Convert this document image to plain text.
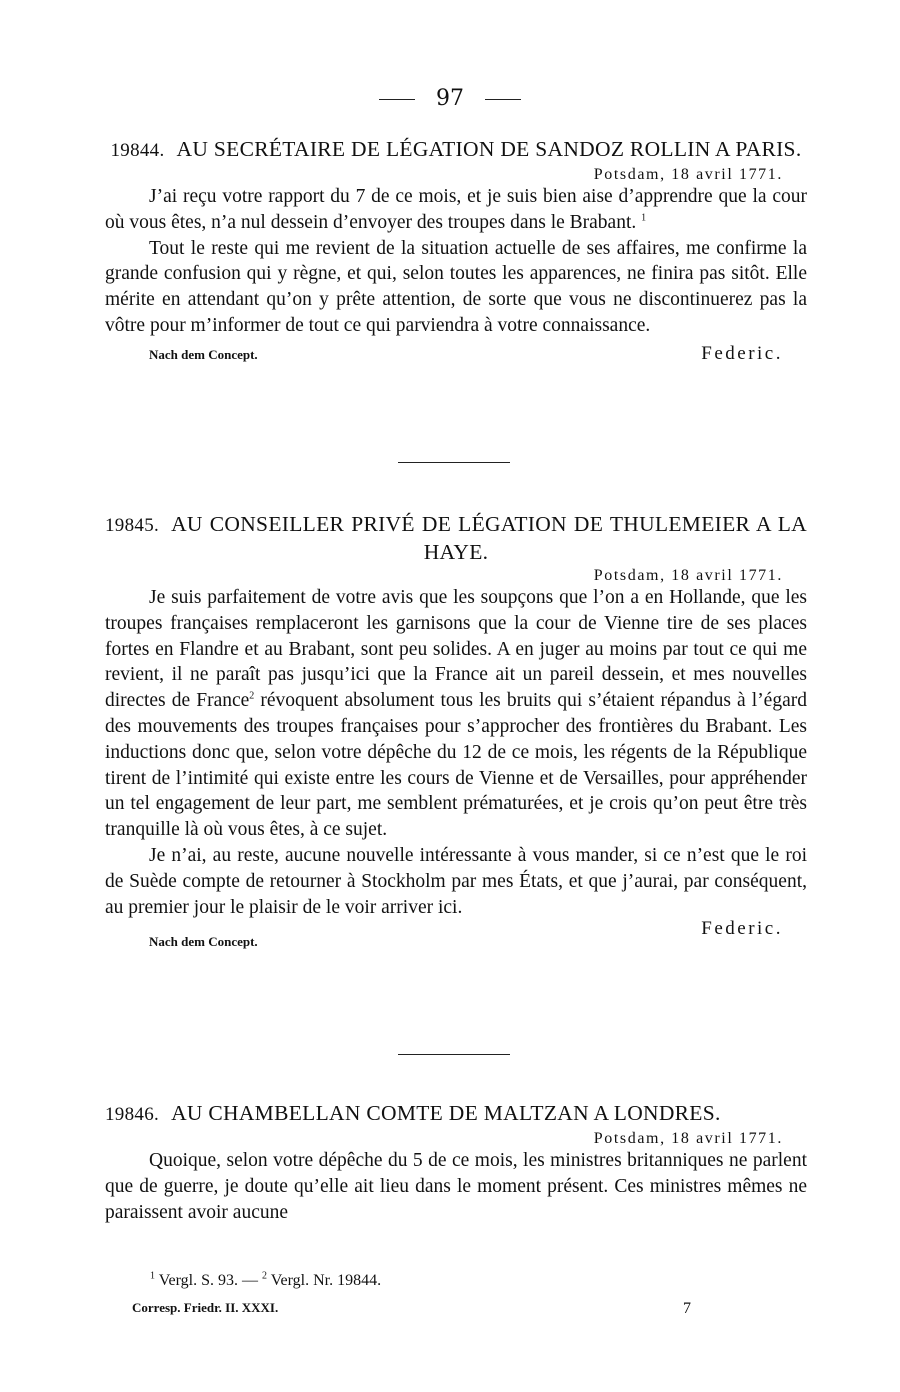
97
19844. AU SECRÉTAIRE DE LÉGATION DE SANDOZ ROLLIN A PARIS.
Potsdam, 18 avril 1771.

J’ai reçu votre rapport du 7 de ce mois, et je suis bien aise d’apprendre que la cour où vous êtes, n’a nul dessein d’envoyer des troupes dans le Brabant. $^1$

Tout le reste qui me revient de la situation actuelle de ses affaires, me confirme la grande confusion qui y règne, et qui, selon toutes les apparences, ne finira pas sitôt. Elle mérite en attendant qu’on y prête attention, de sorte que vous ne discontinuerez pas la vôtre pour m’informer de tout ce qui parviendra à votre connaissance.

Nach dem Concept.	Federic.
19845. AU CONSEILLER PRIVÉ DE LÉGATION DE THULEMEIER A LA HAYE.
Potsdam, 18 avril 1771.

Je suis parfaitement de votre avis que les soupçons que l’on a en Hollande, que les troupes françaises remplaceront les garnisons que la cour de Vienne tire de ses places fortes en Flandre et au Brabant, sont peu solides. A en juger au moins par tout ce qui me revient, il ne paraît pas jusqu’ici que la France ait un pareil dessein, et mes nouvelles directes de France$^2$ révoquent absolument tous les bruits qui s’étaient répandus à l’égard des mouvements des troupes françaises pour s’approcher des frontières du Brabant. Les inductions donc que, selon votre dépêche du 12 de ce mois, les régents de la République tirent de l’intimité qui existe entre les cours de Vienne et de Versailles, pour appréhender un tel engagement de leur part, me semblent prématurées, et je crois qu’on peut être très tranquille là où vous êtes, à ce sujet.

Je n’ai, au reste, aucune nouvelle intéressante à vous mander, si ce n’est que le roi de Suède compte de retourner à Stockholm par mes États, et que j’aurai, par conséquent, au premier jour le plaisir de le voir arriver ici.

Nach dem Concept.
Federic.
19846. AU CHAMBELLAN COMTE DE MALTZAN A LONDRES.
Potsdam, 18 avril 1771.

Quoique, selon votre dépêche du 5 de ce mois, les ministres britanniques ne parlent que de guerre, je doute qu’elle ait lieu dans le moment présent. Ces ministres mêmes ne paraissent avoir aucune

$^1$ Vergl. S. 93. — $^2$ Vergl. Nr. 19844.
Corresp. Friedr. II. XXXI.	7
